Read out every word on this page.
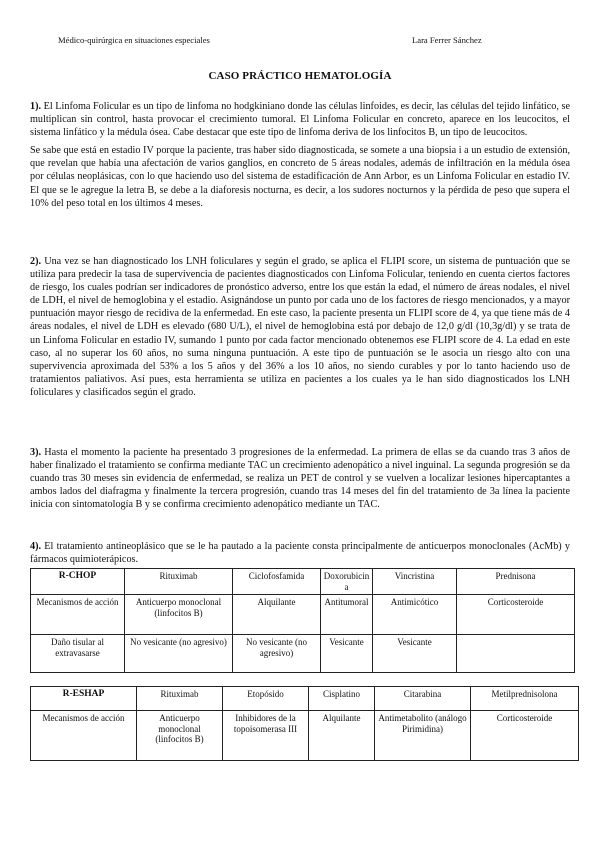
Médico-quirúrgica en situaciones especiales	Lara Ferrer Sánchez
CASO PRÁCTICO HEMATOLOGÍA

1). El Linfoma Folicular es un tipo de linfoma no hodgkiniano donde las células linfoides, es decir, las células del tejido linfático, se multiplican sin control, hasta provocar el crecimiento tumoral. El Linfoma Folicular en concreto, aparece en los leucocitos, el sistema linfático y la médula ósea. Cabe destacar que este tipo de linfoma deriva de los linfocitos B, un tipo de leucocitos.

Se sabe que está en estadio IV porque la paciente, tras haber sido diagnosticada, se somete a una biopsia i a un estudio de extensión, que revelan que había una afectación de varios ganglios, en concreto de 5 áreas nodales, además de infiltración en la médula ósea por células neoplásicas, con lo que haciendo uso del sistema de estadificación de Ann Arbor, es un Linfoma Folicular en estadio IV. El que se le agregue la letra B, se debe a la diaforesis nocturna, es decir, a los sudores nocturnos y la pérdida de peso que supera el 10% del peso total en los últimos 4 meses.

2). Una vez se han diagnosticado los LNH foliculares y según el grado, se aplica el FLIPI score, un sistema de puntuación que se utiliza para predecir la tasa de supervivencia de pacientes diagnosticados con Linfoma Folicular, teniendo en cuenta ciertos factores de riesgo, los cuales podrían ser indicadores de pronóstico adverso, entre los que están la edad, el número de áreas nodales, el nivel de LDH, el nivel de hemoglobina y el estadio. Asignándose un punto por cada uno de los factores de riesgo mencionados, y a mayor puntuación mayor riesgo de recidiva de la enfermedad. En este caso, la paciente presenta un FLIPI score de 4, ya que tiene más de 4 áreas nodales, el nivel de LDH es elevado (680 U/L), el nivel de hemoglobina está por debajo de 12,0 g/dl (10,3g/dl) y se trata de un Linfoma Folicular en estadio IV, sumando 1 punto por cada factor mencionado obtenemos ese FLIPI score de 4. La edad en este caso, al no superar los 60 años, no suma ninguna puntuación. A este tipo de puntuación se le asocia un riesgo alto con una supervivencia aproximada del 53% a los 5 años y del 36% a los 10 años, no siendo curables y por lo tanto haciendo uso de tratamientos paliativos. Así pues, esta herramienta se utiliza en pacientes a los cuales ya le han sido diagnosticados los LNH foliculares y clasificados según el grado.

3). Hasta el momento la paciente ha presentado 3 progresiones de la enfermedad. La primera de ellas se da cuando tras 3 años de haber finalizado el tratamiento se confirma mediante TAC un crecimiento adenopático a nivel inguinal. La segunda progresión se da cuando tras 30 meses sin evidencia de enfermedad, se realiza un PET de control y se vuelven a localizar lesiones hipercaptantes a ambos lados del diafragma y finalmente la tercera progresión, cuando tras 14 meses del fin del tratamiento de 3a línea la paciente inicia con sintomatología B y se confirma crecimiento adenopático mediante un TAC.

4). El tratamiento antineoplásico que se le ha pautado a la paciente consta principalmente de anticuerpos monoclonales (AcMb) y fármacos quimioterápicos.

R-CHOP	Rituximab	Ciclofosfamida	Doxorubicina	Vincristina	Prednisona
Mecanismos de acción	Anticuerpo monoclonal (linfocitos B)	Alquilante	Antitumoral	Antimicótico	Corticosteroide
Daño tisular al extravasarse	No vesicante (no agresivo)	No vesicante (no agresivo)	Vesicante	Vesicante	
R-ESHAP	Rituximab	Etopósido	Cisplatino	Citarabina	Metilprednisolona
Mecanismos de acción	Anticuerpo monoclonal (linfocitos B)	Inhibidores de la topoisomerasa III	Alquilante	Antimetabolito (análogo Pirimidina)	Corticosteroide
